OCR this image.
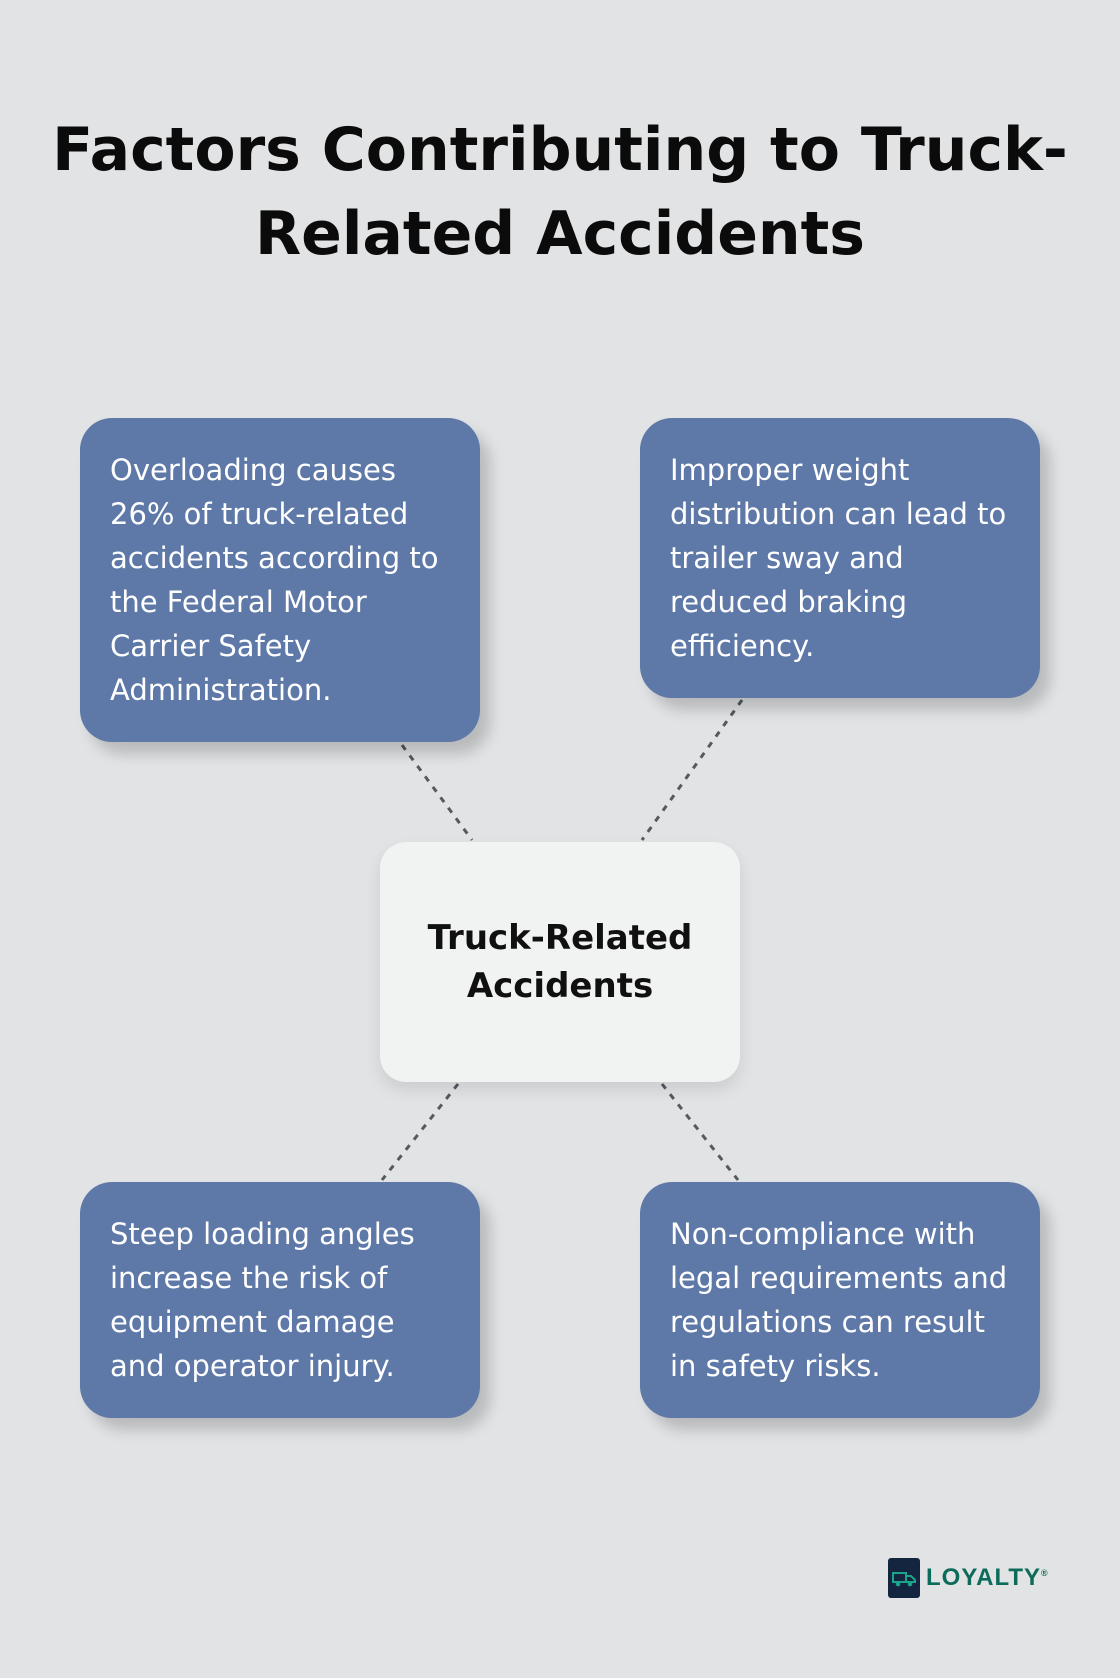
Factors Contributing to Truck-Related Accidents
Overloading causes 26% of truck-related accidents according to the Federal Motor Carrier Safety Administration.
Improper weight distribution can lead to trailer sway and reduced braking efficiency.
Truck-Related Accidents
Steep loading angles increase the risk of equipment damage and operator injury.
Non-compliance with legal requirements and regulations can result in safety risks.
LOYALTY®
